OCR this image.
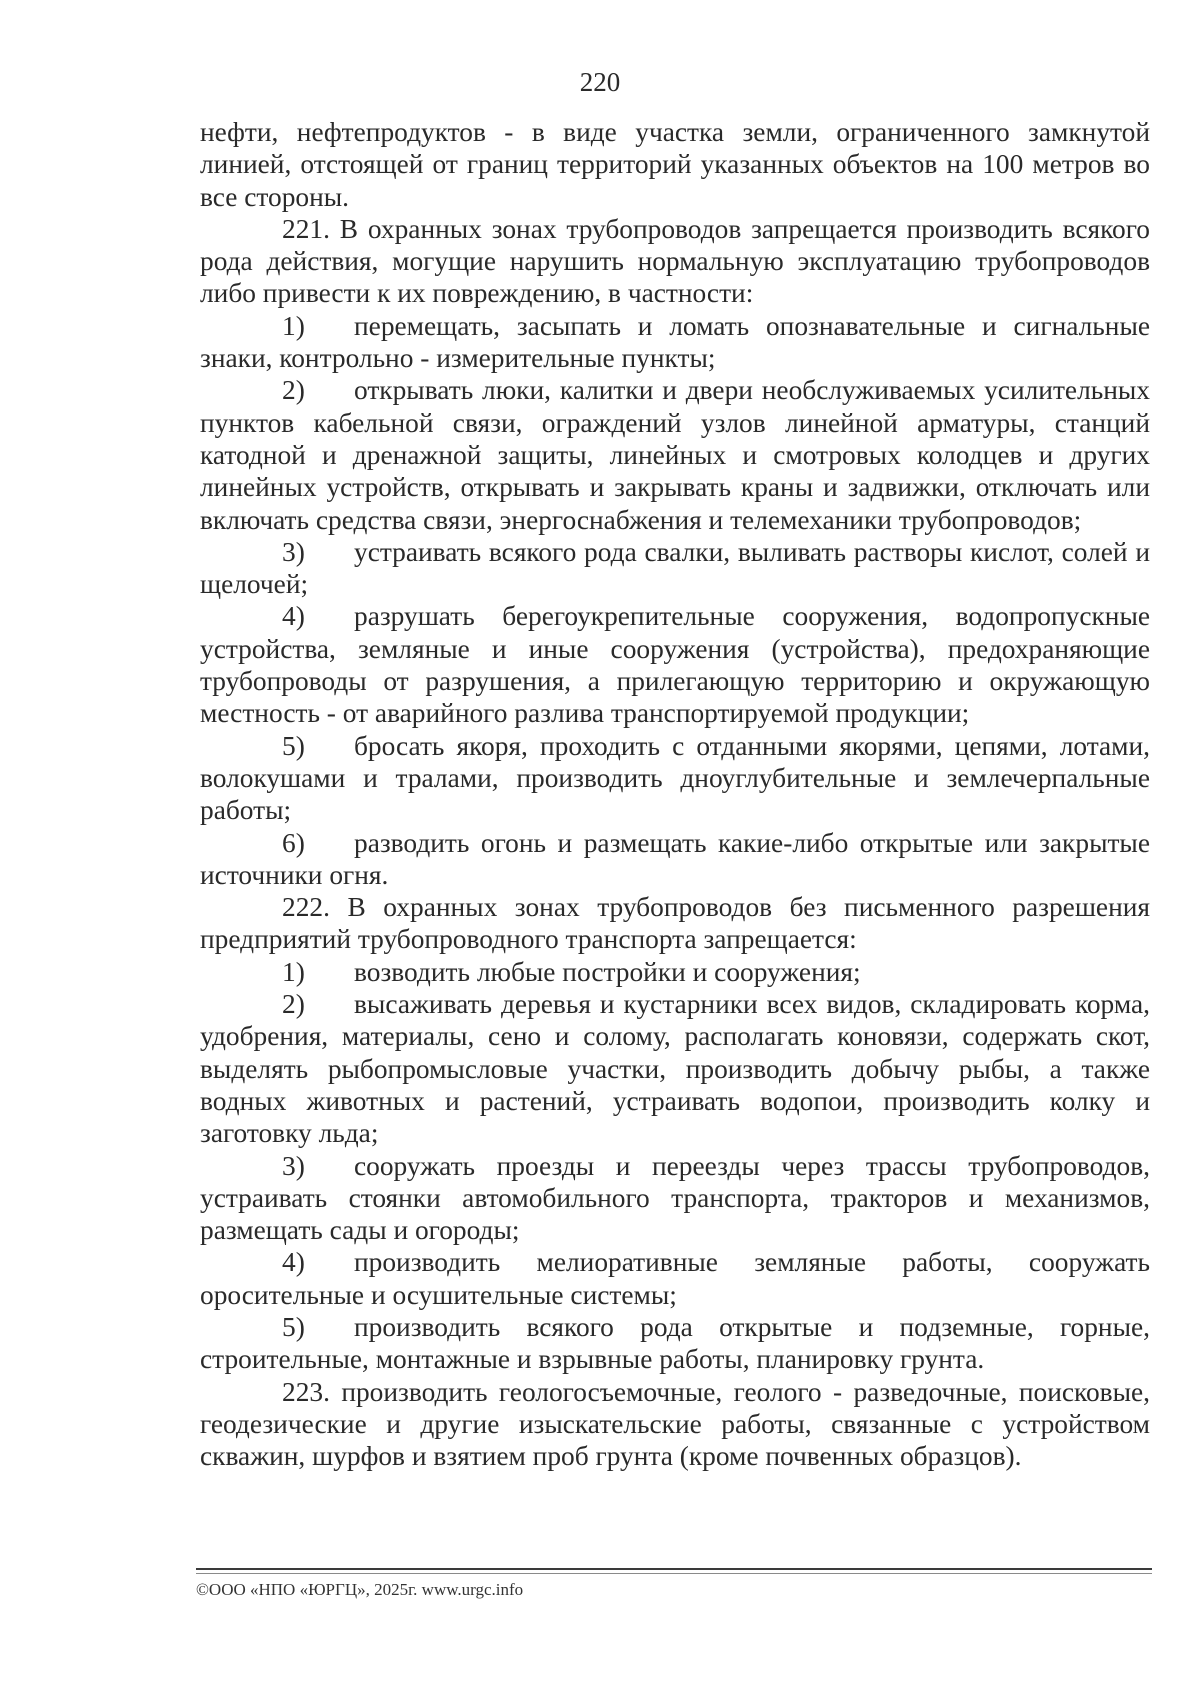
220

нефти, нефтепродуктов - в виде участка земли, ограниченного замкнутой линией, отстоящей от границ территорий указанных объектов на 100 метров во все стороны.

221. В охранных зонах трубопроводов запрещается производить всякого рода действия, могущие нарушить нормальную эксплуатацию трубопроводов либо привести к их повреждению, в частности:

1) перемещать, засыпать и ломать опознавательные и сигнальные знаки, контрольно - измерительные пункты;

2) открывать люки, калитки и двери необслуживаемых усилительных пунктов кабельной связи, ограждений узлов линейной арматуры, станций катодной и дренажной защиты, линейных и смотровых колодцев и других линейных устройств, открывать и закрывать краны и задвижки, отключать или включать средства связи, энергоснабжения и телемеханики трубопроводов;

3) устраивать всякого рода свалки, выливать растворы кислот, солей и щелочей;

4) разрушать берегоукрепительные сооружения, водопропускные устройства, земляные и иные сооружения (устройства), предохраняющие трубопроводы от разрушения, а прилегающую территорию и окружающую местность - от аварийного разлива транспортируемой продукции;

5) бросать якоря, проходить с отданными якорями, цепями, лотами, волокушами и тралами, производить дноуглубительные и землечерпальные работы;

6) разводить огонь и размещать какие-либо открытые или закрытые источники огня.

222. В охранных зонах трубопроводов без письменного разрешения предприятий трубопроводного транспорта запрещается:

1) возводить любые постройки и сооружения;

2) высаживать деревья и кустарники всех видов, складировать корма, удобрения, материалы, сено и солому, располагать коновязи, содержать скот, выделять рыбопромысловые участки, производить добычу рыбы, а также водных животных и растений, устраивать водопои, производить колку и заготовку льда;

3) сооружать проезды и переезды через трассы трубопроводов, устраивать стоянки автомобильного транспорта, тракторов и механизмов, размещать сады и огороды;

4) производить мелиоративные земляные работы, сооружать оросительные и осушительные системы;

5) производить всякого рода открытые и подземные, горные, строительные, монтажные и взрывные работы, планировку грунта.

223. производить геологосъемочные, геолого - разведочные, поисковые, геодезические и другие изыскательские работы, связанные с устройством скважин, шурфов и взятием проб грунта (кроме почвенных образцов).

©ООО «НПО «ЮРГЦ», 2025г. www.urgc.info
